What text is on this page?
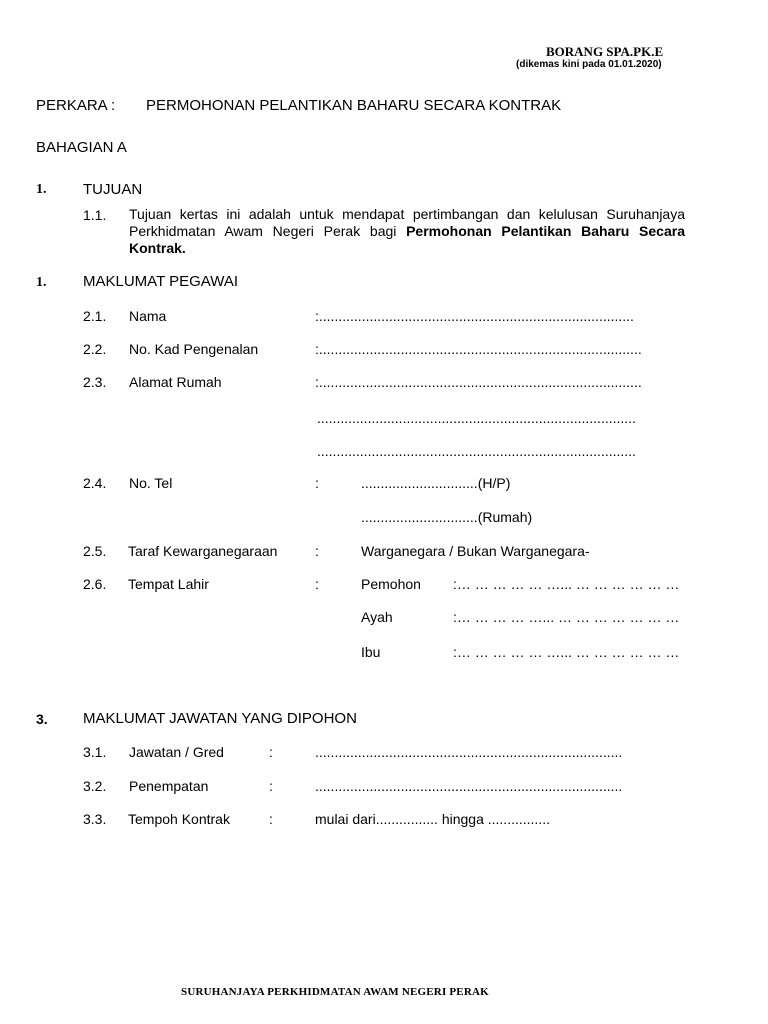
BORANG SPA.PK.E
(dikemas kini pada 01.01.2020)
PERKARA : PERMOHONAN PELANTIKAN BAHARU SECARA KONTRAK
BAHAGIAN A
1. TUJUAN
1.1. Tujuan kertas ini adalah untuk mendapat pertimbangan dan kelulusan Suruhanjaya Perkhidmatan Awam Negeri Perak bagi Permohonan Pelantikan Baharu Secara Kontrak.
1. MAKLUMAT PEGAWAI
2.1. Nama	:.................................................................................
2.2. No. Kad Pengenalan	:...................................................................................
2.3. Alamat Rumah	:...................................................................................
..................................................................................
..................................................................................
2.4. No. Tel	:	..............................(H/P)
..............................(Rumah)
2.5. Taraf Kewarganegaraan	:	Warganegara / Bukan Warganegara-
2.6. Tempat Lahir	:	Pemohon :… … … … … …... … … … … … …
Ayah	:… … … … …... … … … … … … …
Ibu	:… … … … … …... … … … … … …
3. MAKLUMAT JAWATAN YANG DIPOHON
3.1. Jawatan / Gred	:	...............................................................................
3.2. Penempatan	:	...............................................................................
3.3. Tempoh Kontrak	:	mulai dari................ hingga ................
SURUHANJAYA PERKHIDMATAN AWAM NEGERI PERAK
